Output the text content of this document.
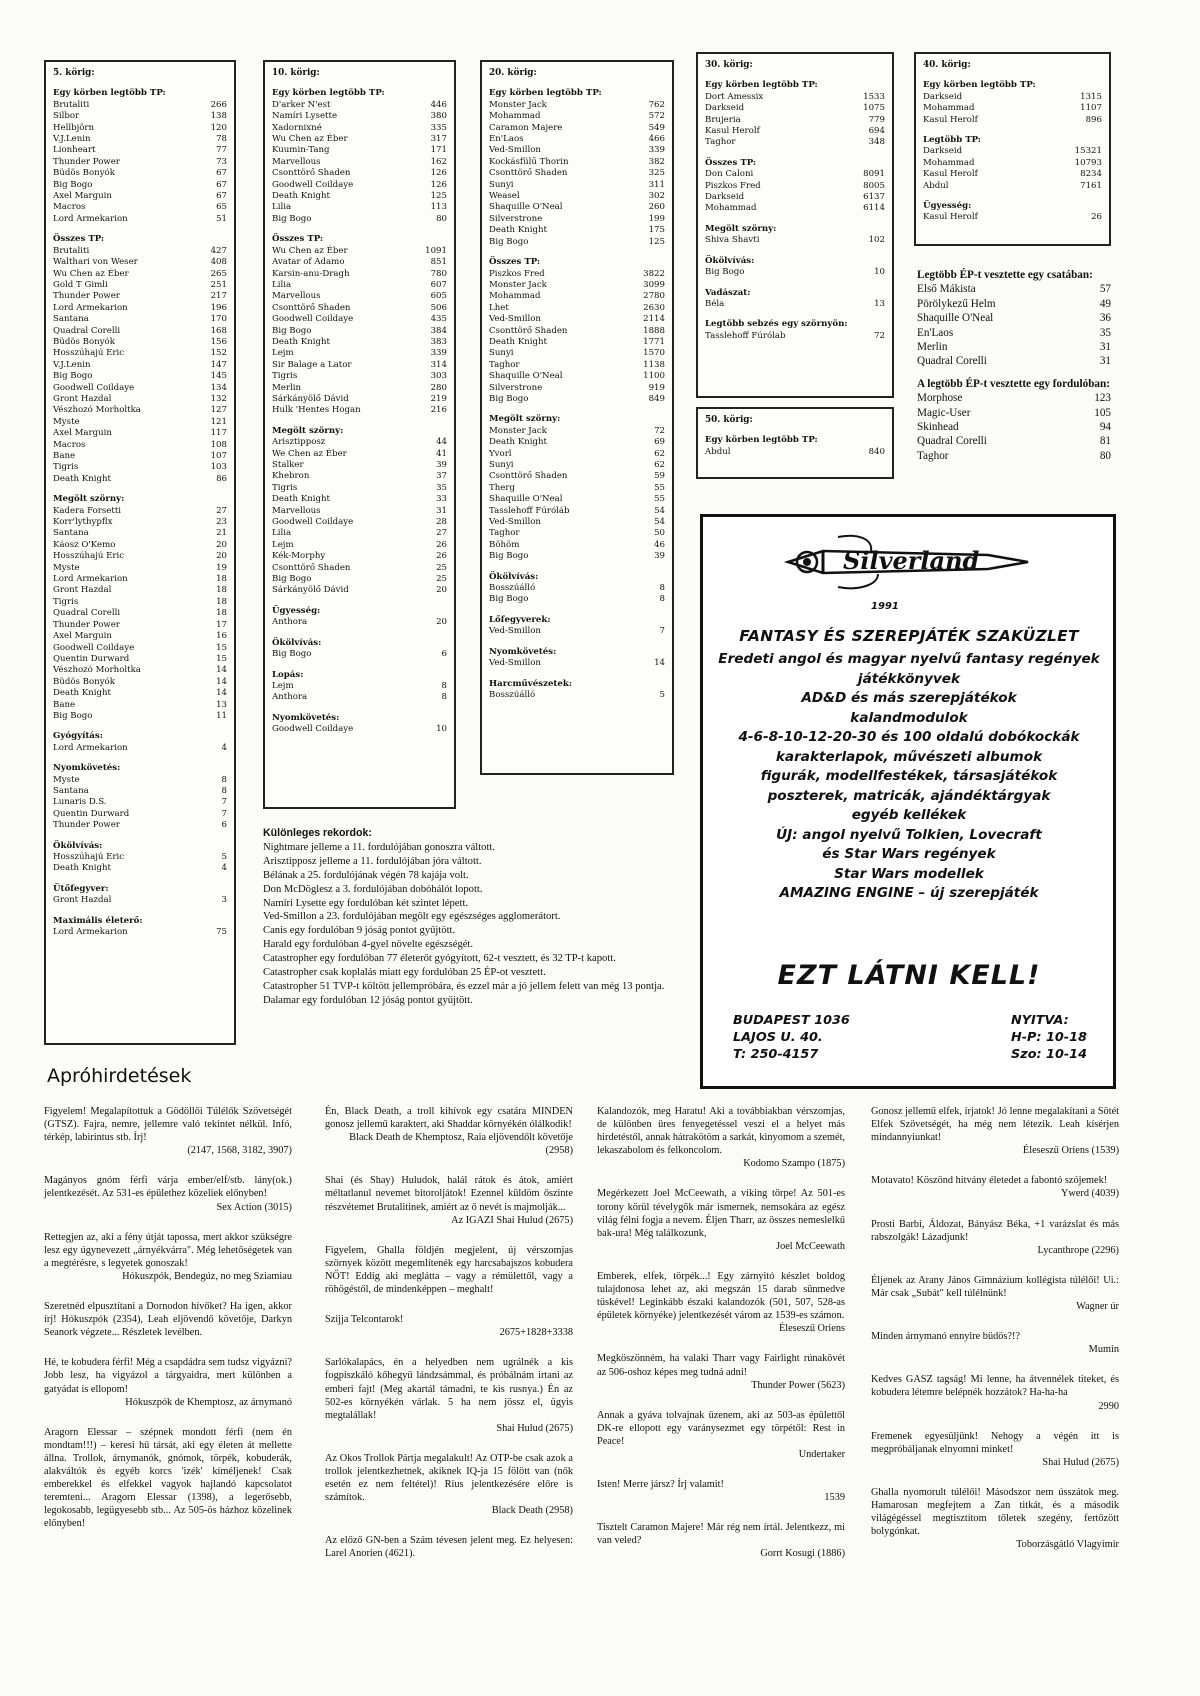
5. körig:
Egy körben legtöbb TP:
Brutaliti	266
Silbor	138
Hellbjörn	120
V.J.Lenin	78
Lionheart	77
Thunder Power	73
Büdös Bonyók	67
Big Bogo	67
Axel Marguin	67
Macros	65
Lord Armekarion	51
Összes TP:
Brutaliti	427
Walthari von Weser	408
Wu Chen az Éber	265
Gold T Gimli	251
Thunder Power	217
Lord Armekarion	196
Santana	170
Quadral Corelli	168
Büdös Bonyók	156
Hosszúhajú Eric	152
V.J.Lenin	147
Big Bogo	145
Goodwell Coildaye	134
Gront Hazdal	132
Vészhozó Morholtka	127
Myste	121
Axel Marguin	117
Macros	108
Bane	107
Tigris	103
Death Knight	86
Megölt szörny:
Kadera Forsetti	27
Korr'lythypflx	23
Santana	21
Káosz O'Kemo	20
Hosszúhajú Eric	20
Myste	19
Lord Armekarion	18
Gront Hazdal	18
Tigris	18
Quadral Corelli	18
Thunder Power	17
Axel Marguin	16
Goodwell Coildaye	15
Quentin Durward	15
Vészhozó Morholtka	14
Büdös Bonyók	14
Death Knight	14
Bane	13
Big Bogo	11
Gyógyítás:
Lord Armekarion	4
Nyomkövetés:
Myste	8
Santana	8
Lunaris D.S.	7
Quentin Durward	7
Thunder Power	6
Ökölvívás:
Hosszúhajú Eric	5
Death Knight	4
Ütőfegyver:
Gront Hazdal	3
Maximális életerő:
Lord Armekarion	75
10. körig:
Egy körben legtöbb TP:
D'arker N'est	446
Namíri Lysette	380
Xadornixné	335
Wu Chen az Éber	317
Kuumin-Tang	171
Marvellous	162
Csonttörő Shaden	126
Goodwell Coildaye	126
Death Knight	125
Lilia	113
Big Bogo	80
Összes TP:
Wu Chen az Éber	1091
Avatar of Adamo	851
Karsin-anu-Dragh	780
Lilia	607
Marvellous	605
Csonttörő Shaden	506
Goodwell Coildaye	435
Big Bogo	384
Death Knight	383
Lejm	339
Sir Balage a Lator	314
Tigris	303
Merlin	280
Sárkányölő Dávid	219
Hulk 'Hentes Hogan	216
Megölt szörny:
Arisztipposz	44
We Chen az Éber	41
Stalker	39
Khebron	37
Tigris	35
Death Knight	33
Marvellous	31
Goodwell Coildaye	28
Lilia	27
Lejm	26
Kék-Morphy	26
Csonttörő Shaden	25
Big Bogo	25
Sárkányölő Dávid	20
Ügyesség:
Anthora	20
Ökölvívás:
Big Bogo	6
Lopás:
Lejm	8
Anthora	8
Nyomkövetés:
Goodwell Coildaye	10
20. körig:
Egy körben legtöbb TP:
Monster Jack	762
Mohammad	572
Caramon Majere	549
En'Laos	466
Ved-Smillon	339
Kockásfülű Thorin	382
Csonttörő Shaden	325
Sunyi	311
Weasel	302
Shaquille O'Neal	260
Silverstrone	199
Death Knight	175
Big Bogo	125
Összes TP:
Piszkos Fred	3822
Monster Jack	3099
Mohammad	2780
Lhet	2630
Ved-Smillon	2114
Csonttörő Shaden	1888
Death Knight	1771
Sunyi	1570
Taghor	1138
Shaquille O'Neal	1100
Silverstrone	919
Big Bogo	849
Megölt szörny:
Monster Jack	72
Death Knight	69
Yvorl	62
Sunyi	62
Csonttörő Shaden	59
Therg	55
Shaquille O'Neal	55
Tasslehoff Fúróláb	54
Ved-Smillon	54
Taghor	50
Böhöm	46
Big Bogo	39
Ökölvívás:
Bosszúálló	8
Big Bogo	8
Lőfegyverek:
Ved-Smillon	7
Nyomkövetés:
Ved-Smillon	14
Harcművészetek:
Bosszúálló	5
30. körig:
Egy körben legtöbb TP:
Dort Amessix	1533
Darkseid	1075
Brujeria	779
Kasul Herolf	694
Taghor	348
Összes TP:
Don Caloni	8091
Piszkos Fred	8005
Darkseid	6137
Mohammad	6114
Megölt szörny:
Shiva Shavti	102
Ökölvívás:
Big Bogo	10
Vadászat:
Béla	13
Legtöbb sebzés egy szörnyön:
Tasslehoff Fúrólab	72
50. körig:
Egy körben legtöbb TP:
Abdul	840
40. körig:
Egy körben legtöbb TP:
Darkseid	1315
Mohammad	1107
Kasul Herolf	896
Legtöbb TP:
Darkseid	15321
Mohammad	10793
Kasul Herolf	8234
Abdul	7161
Ügyesség:
Kasul Herolf	26
Legtöbb ÉP-t vesztette egy csatában:
Első Mákista	57
Pörölykezű Helm	49
Shaquille O'Neal	36
En'Laos	35
Merlin	31
Quadral Corelli	31
A legtöbb ÉP-t vesztette egy fordulóban:
Morphose	123
Magic-User	105
Skinhead	94
Quadral Corelli	81
Taghor	80
Különleges rekordok:
Nightmare jelleme a 11. fordulójában gonoszra váltott.
Arisztipposz jelleme a 11. fordulójában jóra váltott.
Bélának a 25. fordulójának végén 78 kajája volt.
Don McDöglesz a 3. fordulójában dobóhálót lopott.
Namíri Lysette egy fordulóban két szintet lépett.
Ved-Smillon a 23. fordulójában megölt egy egészséges agglomerátort.
Canis egy fordulóban 9 jóság pontot gyűjtött.
Harald egy fordulóban 4-gyel növelte egészségét.
Catastropher egy fordulóban 77 életerőt gyógyított, 62-t vesztett, és 32 TP-t kapott.
Catastropher csak koplalás miatt egy fordulóban 25 ÉP-ot vesztett.
Catastropher 51 TVP-t költött jellempróbára, és ezzel már a jó jellem felett van még 13 pontja.
Dalamar egy fordulóban 12 jóság pontot gyűjtött.
Silverland
1991
FANTASY ÉS SZEREPJÁTÉK SZAKÜZLET
Eredeti angol és magyar nyelvű fantasy regények
játékkönyvek
AD&D és más szerepjátékok
kalandmodulok
4-6-8-10-12-20-30 és 100 oldalú dobókockák
karakterlapok, művészeti albumok
figurák, modellfestékek, társasjátékok
poszterek, matricák, ajándéktárgyak
egyéb kellékek
ÚJ: angol nyelvű Tolkien, Lovecraft
és Star Wars regények
Star Wars modellek
AMAZING ENGINE – új szerepjáték
EZT LÁTNI KELL!
BUDAPEST 1036
LAJOS U. 40.
T: 250-4157
NYITVA:
H-P: 10-18
Szo: 10-14
Apróhirdetések
Figyelem! Megalapítottuk a Gödöllői Túlélők Szövetségét (GTSZ). Fajra, nemre, jellemre való tekintet nélkül. Infó, térkép, labirintus stb. Írj!
(2147, 1568, 3182, 3907)
Magányos gnóm férfi várja ember/elf/stb. lány(ok.) jelentkezését. Az 531-es épülethez közeliek előnyben!
Sex Action (3015)
Rettegjen az, aki a fény útját tapossa, mert akkor szükségre lesz egy úgynevezett „árnyékvárra". Még lehetőségetek van a megtérésre, s legyetek gonoszak!
Hókuszpók, Bendegúz, no meg Sziamiau
Szeretnéd elpusztítani a Dornodon hívőket? Ha igen, akkor írj! Hókuszpók (2354), Leah eljövendő követője, Darkyn Seanork végzete... Részletek levélben.
Hé, te kobudera férfi! Még a csapdádra sem tudsz vigyázni? Jobb lesz, ha vigyázol a tárgyaidra, mert különben a gatyádat is ellopom!
Hókuszpók de Khemptosz, az árnymanó
Aragorn Elessar – szépnek mondott férfi (nem én mondtam!!!) – keresi hű társát, aki egy életen át mellette állna. Trollok, árnymanók, gnómok, törpék, kobuderák, alakváltók és egyéb korcs 'izék' kíméljenek! Csak emberekkel és elfekkel vagyok hajlandó kapcsolatot teremteni... Aragorn Elessar (1398), a legerősebb, legokosabb, legügyesebb stb... Az 505-ös házhoz közelinek előnyben!
Én, Black Death, a troll kihívok egy csatára MINDEN gonosz jellemű karaktert, aki Shaddar környékén ólálkodik!
Black Death de Khemptosz, Raia eljövendőlt követője (2958)
Shai (és Shay) Huludok, halál rátok és átok, amiért méltatlanul nevemet bitoroljátok! Ezennel küldöm őszinte részvétemet Brutalitinek, amiért az ő nevét is majmolják...
Az IGAZI Shai Hulud (2675)
Figyelem, Ghalla földjén megjelent, új vérszomjas szörnyek között megemlítenék egy harcsabajszos kobudera NŐT! Eddig aki meglátta – vagy a rémülettől, vagy a röhögéstől, de mindenképpen – meghalt!
Szijja Telcontarok!
2675+1828+3338
Sarlókalapács, én a helyedben nem ugrálnék a kis fogpiszkáló kőhegyű lándzsámmal, és próbálnám irtani az emberi fajt! (Meg akartál támadni, te kis rusnya.) Én az 502-es környékén várlak. 5 ha nem jössz el, ügyis megtalállak!
Shai Hulud (2675)
Az Okos Trollok Pártja megalakult! Az OTP-be csak azok a trollok jelentkezhetnek, akiknek IQ-ja 15 fölött van (nők esetén ez nem feltétel)! Rius jelentkezésére előre is számítok.
Black Death (2958)
Az előző GN-ben a Szám tévesen jelent meg. Ez helyesen: Larel Anorien (4621).
Kalandozók, meg Haratu! Aki a továbbiakban vérszomjas, de különben üres fenyegetéssel veszi el a helyet más hirdetéstől, annak hátrakötöm a sarkát, kinyomom a szemét, lekaszabolom és felkoncolom.
Kodomo Szampo (1875)
Megérkezett Joel McCeewath, a viking törpe! Az 501-es torony körül tévelygők már ismernek, nemsokára az egész világ félni fogja a nevem. Éljen Tharr, az összes nemeslelkű bak-ura! Még találkozunk,
Joel McCeewath
Emberek, elfek, törpék...! Egy zárnyitó készlet boldog tulajdonosa lehet az, aki megszán 15 darab sünmedve tüskével! Leginkább északi kalandozók (501, 507, 528-as épületek környéke) jelentkezését várom az 1539-es számon.
Éleseszű Oriens
Megköszönném, ha valaki Tharr vagy Fairlight rúnakövét az 506-oshoz képes meg tudná adni!
Thunder Power (5623)
Annak a gyáva tolvajnak üzenem, aki az 503-as épülettől DK-re ellopott egy varánysezmet egy törpétől: Rest in Peace!
Undertaker
Isten! Merre jársz? Írj valamit!
1539
Tisztelt Caramon Majere! Már rég nem írtál. Jelentkezz, mi van veled?
Gorrt Kosugi (1886)
Gonosz jellemű elfek, írjatok! Jó lenne megalakítani a Sötét Elfek Szövetségét, ha még nem létezik. Leah kísérjen mindannyiunkat!
Éleseszű Oriens (1539)
Motavato! Köszönd hitvány életedet a fabontó szójemek!
Ywerd (4039)
Prosti Barbi, Áldozat, Bányász Béka, +1 varázslat és más rabszolgák! Lázadjunk!
Lycanthrope (2296)
Éljenek az Arany János Gimnázium kollégista túlélői! Ui.: Már csak „Subát" kell túlélnünk!
Wagner úr
Minden árnymanó ennyire büdös?!?
Mumin
Kedves GASZ tagság! Mi lenne, ha átvennélek titeket, és kobudera létemre belépnék hozzátok? Ha-ha-ha
2990
Fremenek egyesüljünk! Nehogy a végén itt is megpróbáljanak elnyomni minket!
Shai Hulud (2675)
Ghalla nyomorult túlélői! Másodszor nem ússzátok meg. Hamarosan megfejtem a Zan titkát, és a második világégéssel megtisztítom tőletek szegény, fertőzött bolygónkat.
Toborzásgátló Vlagyimir
